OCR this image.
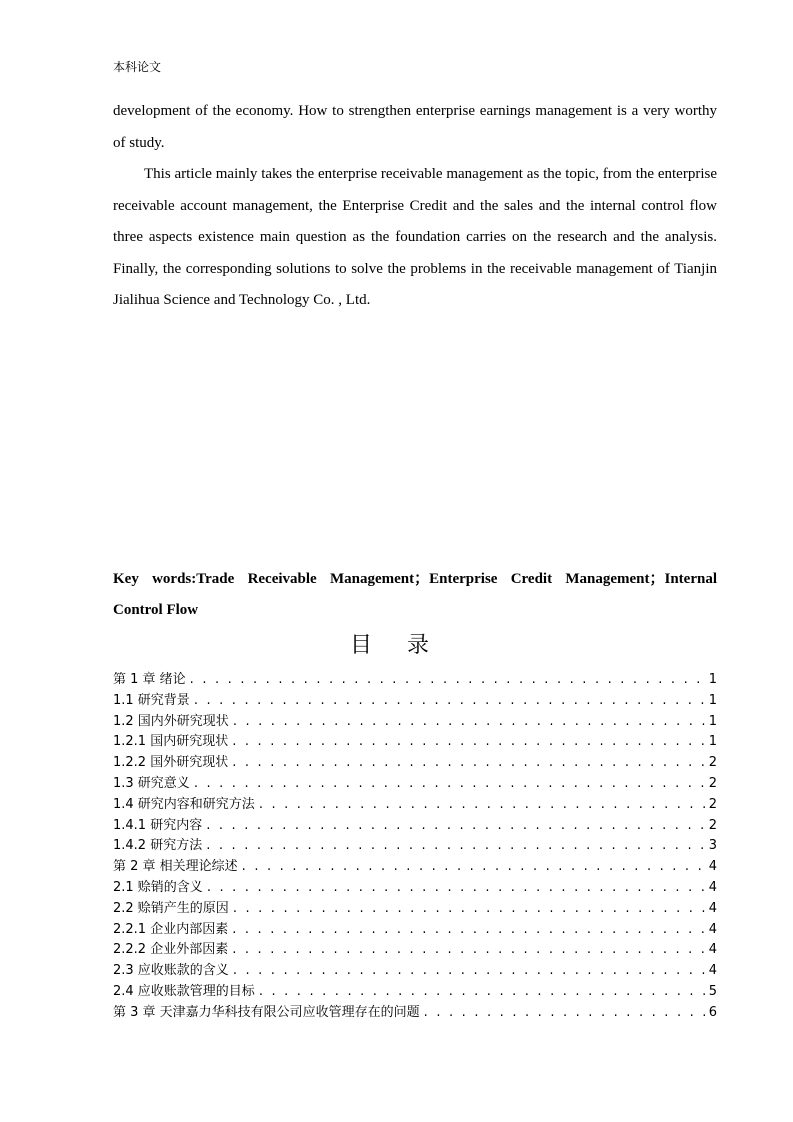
本科论文

development of the economy. How to strengthen enterprise earnings management is a very worthy of study.

This article mainly takes the enterprise receivable management as the topic, from the enterprise receivable account management, the Enterprise Credit and the sales and the internal control flow three aspects existence main question as the foundation carries on the research and the analysis. Finally, the corresponding solutions to solve the problems in the receivable management of Tianjin Jialihua Science and Technology Co. , Ltd.

Key words:Trade Receivable Management；Enterprise Credit Management；Internal Control Flow
目 录
第 1 章 绪论 . . .	1
1.1 研究背景 . . .	1
1.2 国内外研究现状 . . .	1
1.2.1 国内研究现状 . . .	1
1.2.2 国外研究现状 . . .	2
1.3 研究意义 . . .	2
1.4 研究内容和研究方法 . . .	2
1.4.1 研究内容 . . .	2
1.4.2 研究方法 . . .	3
第 2 章 相关理论综述 . . .	4
2.1 赊销的含义 . . .	4
2.2 赊销产生的原因 . . .	4
2.2.1 企业内部因素 . . .	4
2.2.2 企业外部因素 . . .	4
2.3 应收账款的含义 . . .	4
2.4 应收账款管理的目标 . . .	5
第 3 章 天津嘉力华科技有限公司应收管理存在的问题 . . .	6
